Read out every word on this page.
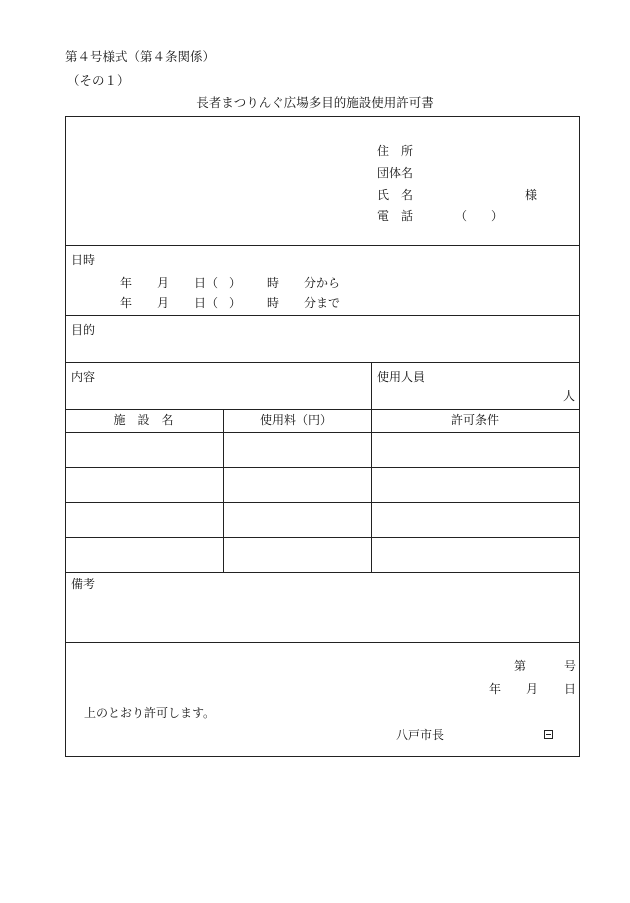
第４号様式（第４条関係）
（その１）
長者まつりんぐ広場多目的施設使用許可書
住　所
団体名
氏　名	様
電　話	（　　）
日時
年 月 日（ ） 時 分から
年 月 日（ ） 時 分まで
目的
内容	使用人員
人
施　設　名	使用料（円）	許可条件
備考
第	号
年 月 日
上のとおり許可します。
八戸市長
